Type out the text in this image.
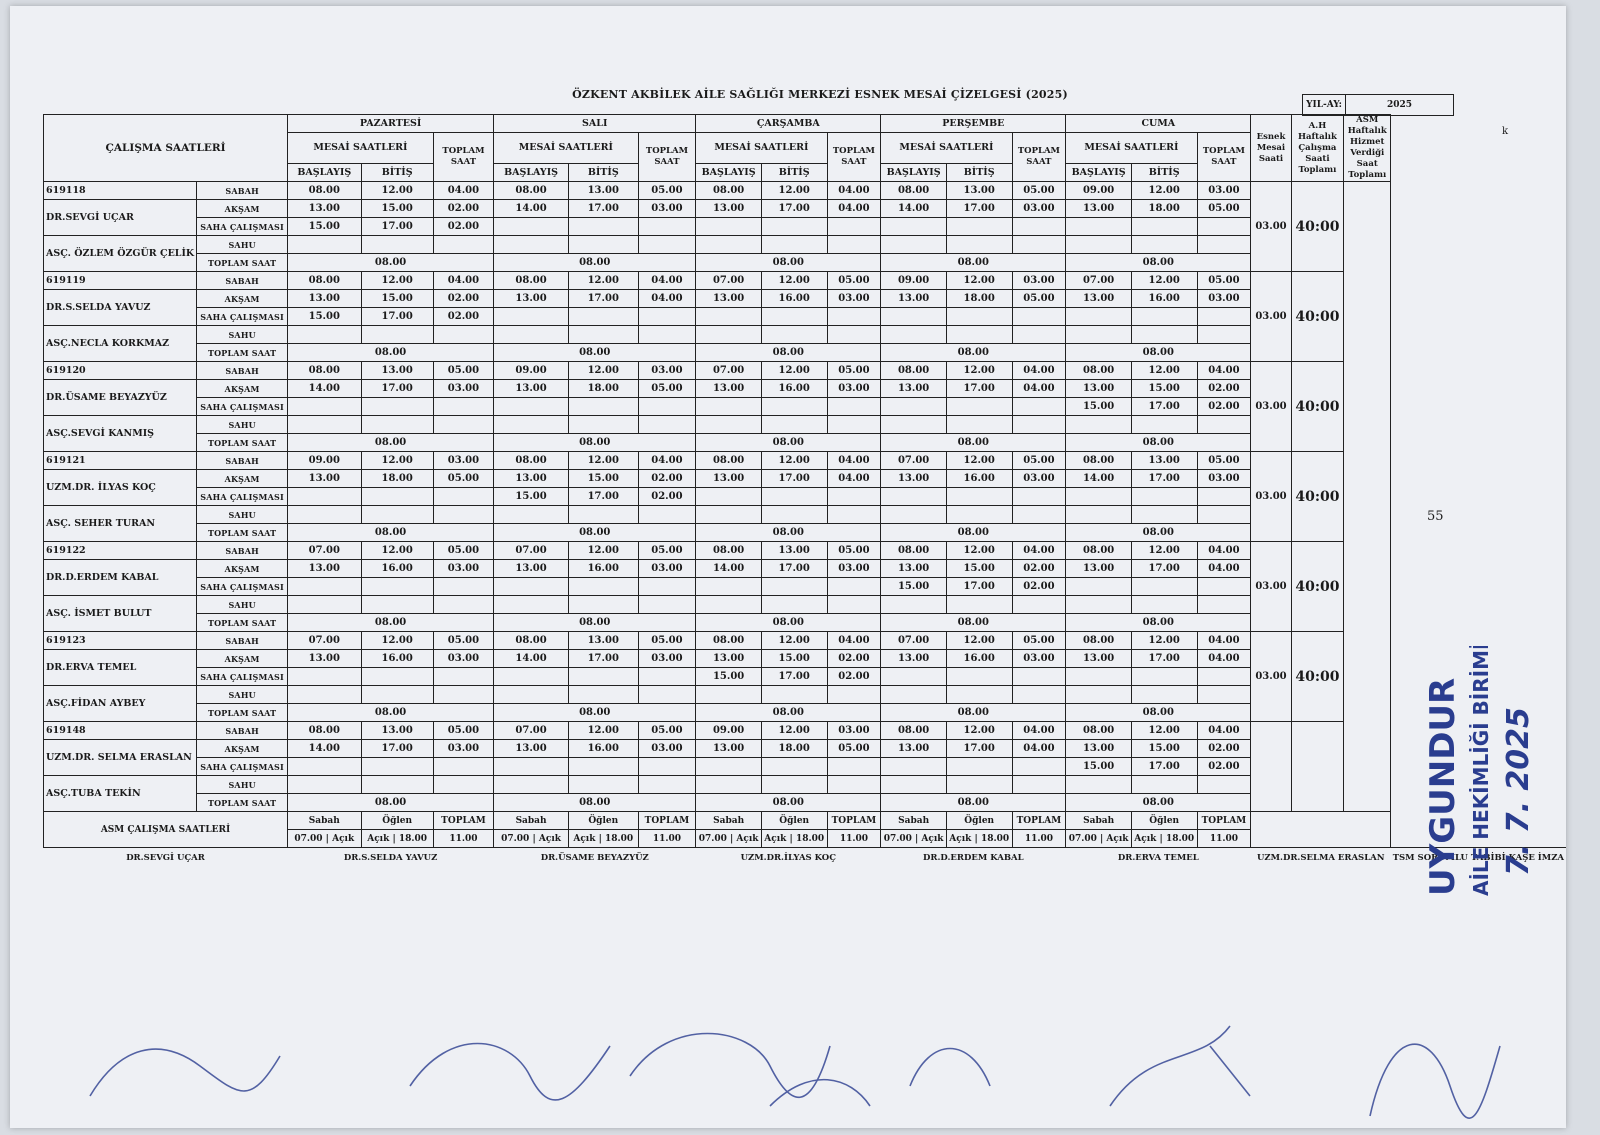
ÖZKENT AKBİLEK AİLE SAĞLIĞI MERKEZİ ESNEK MESAİ ÇİZELGESİ (2025)
YIL-AY:	2025
k
ÇALIŞMA SAATLERİ		PAZARTESİ			SALI			ÇARŞAMBA			PERŞEMBE			CUMA			Esnek Mesai Saati	A.H Haftalık Çalışma Saati Toplamı	ASM Haftalık Hizmet Verdiği Saat Toplamı	
		MESAİ SAATLERİ		TOPLAM SAAT	MESAİ SAATLERİ		TOPLAM SAAT	MESAİ SAATLERİ		TOPLAM SAAT	MESAİ SAATLERİ		TOPLAM SAAT	MESAİ SAATLERİ		TOPLAM SAAT				
		BAŞLAYIŞ	BİTİŞ		BAŞLAYIŞ	BİTİŞ		BAŞLAYIŞ	BİTİŞ		BAŞLAYIŞ	BİTİŞ		BAŞLAYIŞ	BİTİŞ					
619118	SABAH	08.00	12.00	04.00	08.00	13.00	05.00	08.00	12.00	04.00	08.00	13.00	05.00	09.00	12.00	03.00	03.00	40:00		
DR.SEVGİ UÇAR	AKŞAM	13.00	15.00	02.00	14.00	17.00	03.00	13.00	17.00	04.00	14.00	17.00	03.00	13.00	18.00	05.00				
	SAHA ÇALIŞMASI	15.00	17.00	02.00																
ASÇ. ÖZLEM ÖZGÜR ÇELİK	SAHU																			
	TOPLAM SAAT	08.00			08.00			08.00			08.00			08.00						
619119	SABAH	08.00	12.00	04.00	08.00	12.00	04.00	07.00	12.00	05.00	09.00	12.00	03.00	07.00	12.00	05.00	03.00	40:00		
DR.S.SELDA YAVUZ	AKŞAM	13.00	15.00	02.00	13.00	17.00	04.00	13.00	16.00	03.00	13.00	18.00	05.00	13.00	16.00	03.00				
	SAHA ÇALIŞMASI	15.00	17.00	02.00																
ASÇ.NECLA KORKMAZ	SAHU																			
	TOPLAM SAAT	08.00			08.00			08.00			08.00			08.00						
619120	SABAH	08.00	13.00	05.00	09.00	12.00	03.00	07.00	12.00	05.00	08.00	12.00	04.00	08.00	12.00	04.00	03.00	40:00		
DR.ÜSAME BEYAZYÜZ	AKŞAM	14.00	17.00	03.00	13.00	18.00	05.00	13.00	16.00	03.00	13.00	17.00	04.00	13.00	15.00	02.00				
	SAHA ÇALIŞMASI													15.00	17.00	02.00				
ASÇ.SEVGİ KANMIŞ	SAHU																			
	TOPLAM SAAT	08.00			08.00			08.00			08.00			08.00						
619121	SABAH	09.00	12.00	03.00	08.00	12.00	04.00	08.00	12.00	04.00	07.00	12.00	05.00	08.00	13.00	05.00	03.00	40:00		
UZM.DR. İLYAS KOÇ	AKŞAM	13.00	18.00	05.00	13.00	15.00	02.00	13.00	17.00	04.00	13.00	16.00	03.00	14.00	17.00	03.00				
	SAHA ÇALIŞMASI				15.00	17.00	02.00													
ASÇ. SEHER TURAN	SAHU																			
	TOPLAM SAAT	08.00			08.00			08.00			08.00			08.00						
619122	SABAH	07.00	12.00	05.00	07.00	12.00	05.00	08.00	13.00	05.00	08.00	12.00	04.00	08.00	12.00	04.00	03.00	40:00		
DR.D.ERDEM KABAL	AKŞAM	13.00	16.00	03.00	13.00	16.00	03.00	14.00	17.00	03.00	13.00	15.00	02.00	13.00	17.00	04.00				
	SAHA ÇALIŞMASI										15.00	17.00	02.00							
ASÇ. İSMET BULUT	SAHU																			
	TOPLAM SAAT	08.00			08.00			08.00			08.00			08.00						
619123	SABAH	07.00	12.00	05.00	08.00	13.00	05.00	08.00	12.00	04.00	07.00	12.00	05.00	08.00	12.00	04.00	03.00	40:00		
DR.ERVA TEMEL	AKŞAM	13.00	16.00	03.00	14.00	17.00	03.00	13.00	15.00	02.00	13.00	16.00	03.00	13.00	17.00	04.00				
	SAHA ÇALIŞMASI							15.00	17.00	02.00										
ASÇ.FİDAN AYBEY	SAHU																			
	TOPLAM SAAT	08.00			08.00			08.00			08.00			08.00						
619148	SABAH	08.00	13.00	05.00	07.00	12.00	05.00	09.00	12.00	03.00	08.00	12.00	04.00	08.00	12.00	04.00				
UZM.DR. SELMA ERASLAN	AKŞAM	14.00	17.00	03.00	13.00	16.00	03.00	13.00	18.00	05.00	13.00	17.00	04.00	13.00	15.00	02.00				
	SAHA ÇALIŞMASI													15.00	17.00	02.00				
ASÇ.TUBA TEKİN	SAHU																			
	TOPLAM SAAT	08.00			08.00			08.00			08.00			08.00						
ASM ÇALIŞMA SAATLERİ		Sabah	Öğlen	TOPLAM	Sabah	Öğlen	TOPLAM	Sabah	Öğlen	TOPLAM	Sabah	Öğlen	TOPLAM	Sabah	Öğlen	TOPLAM				
		07.00 | Açık	Açık | 18.00	11.00	07.00 | Açık	Açık | 18.00	11.00	07.00 | Açık	Açık | 18.00	11.00	07.00 | Açık	Açık | 18.00	11.00	07.00 | Açık	Açık | 18.00	11.00				
DR.SEVGİ UÇAR		DR.S.SELDA YAVUZ			DR.ÜSAME BEYAZYÜZ			UZM.DR.İLYAS KOÇ			DR.D.ERDEM KABAL			DR.ERVA TEMEL			UZM.DR.SELMA ERASLAN			TSM SORUMLU TABİBİ KAŞE İMZA
55
UYGUNDUR AİLE HEKİMLİĞİ BİRİMİ 7. 7. 2025
